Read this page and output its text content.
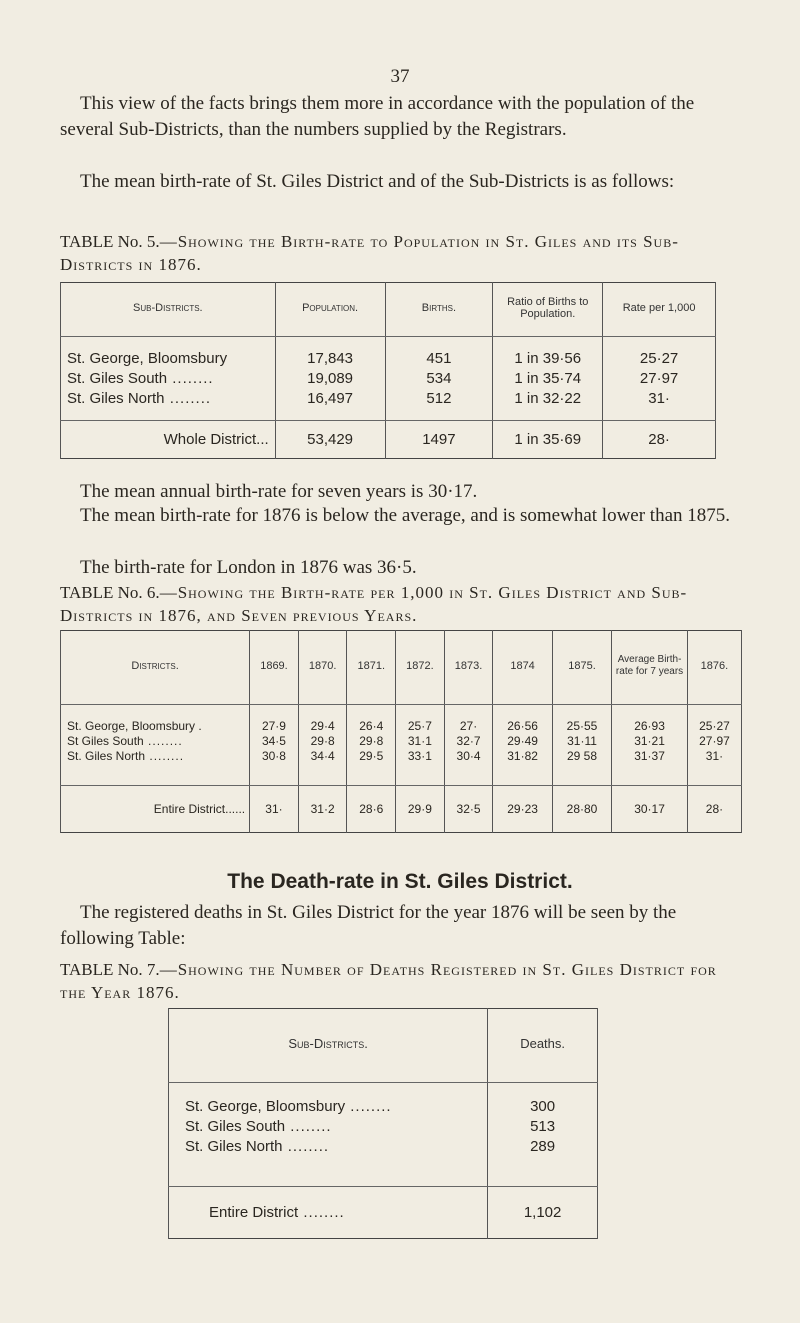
37

This view of the facts brings them more in accordance with the population of the several Sub-Districts, than the numbers supplied by the Registrars.

The mean birth-rate of St. Giles District and of the Sub-Districts is as follows:

TABLE No. 5.—Showing the Birth-rate to Population in St. Giles and its Sub-Districts in 1876.
Sub-Districts.	Population.	Births.	Ratio of Births to Population.	Rate per 1,000

St. George, Bloomsbury	17,843	451	1 in 39·56	25·27
St. Giles South .....	19,089	534	1 in 35·74	27·97
St. Giles North .....	16,497	512	1 in 32·22	31·

Whole District...	53,429	1497	1 in 35·69	28·

The mean annual birth-rate for seven years is 30·17.

The mean birth-rate for 1876 is below the average, and is somewhat lower than 1875.

The birth-rate for London in 1876 was 36·5.

TABLE No. 6.—Showing the Birth-rate per 1,000 in St. Giles District and Sub-Districts in 1876, and Seven previous Years.
Districts.	1869.	1870.	1871.	1872.	1873.	1874	1875.	Average Birth-rate for 7 years	1876.

St. George, Bloomsbury .	27·9	29·4	26·4	25·7	27·	26·56	25·55	26·93	25·27
St Giles South .....	34·5	29·8	29·8	31·1	32·7	29·49	31·11	31·21	27·97
St. Giles North .....	30·8	34·4	29·5	33·1	30·4	31·82	29 58	31·37	31·

Entire District......	31·	31·2	28·6	29·9	32·5	29·23	28·80	30·17	28·
The Death-rate in St. Giles District.

The registered deaths in St. Giles District for the year 1876 will be seen by the following Table:

TABLE No. 7.—Showing the Number of Deaths Registered in St. Giles District for the Year 1876.
Sub-Districts.	Deaths.

St. George, Bloomsbury .....	300
St. Giles South .....	513
St. Giles North .....	289

Entire District .....	1,102
